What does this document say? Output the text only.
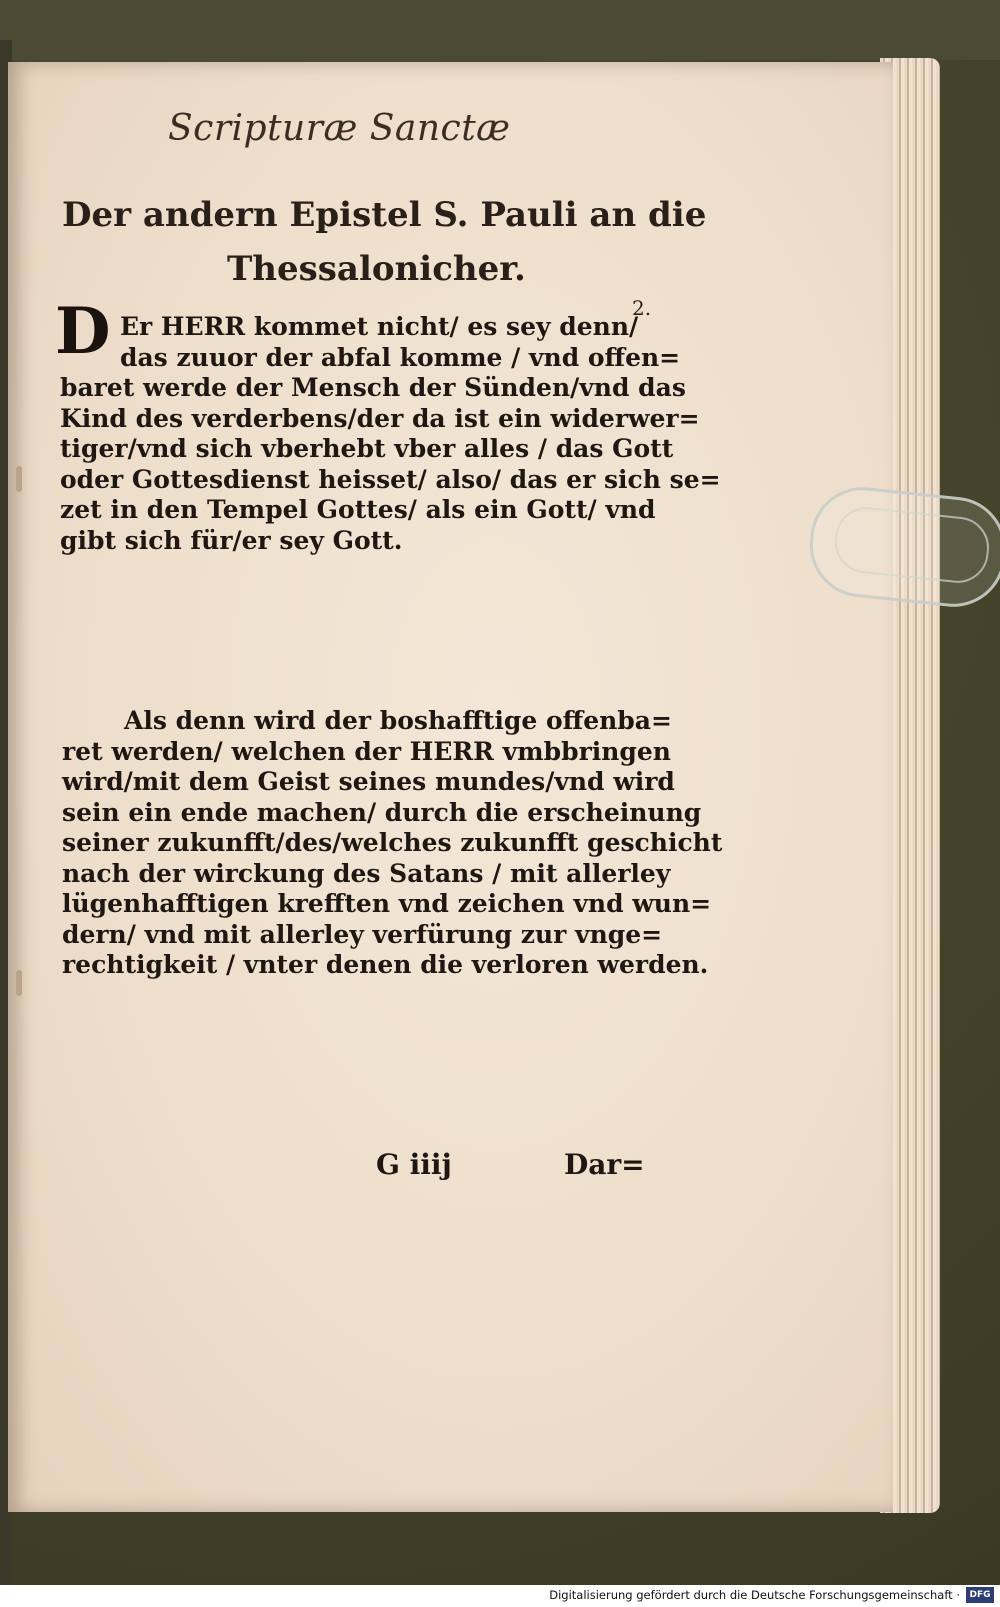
Scripturæ Sanctæ
Der andern Epistel S. Pauli an die
Thessalonicher.
2.
D Er HERR kommet nicht/ es sey denn/
das zuuor der abfal komme / vnd offen=
baret werde der Mensch der Sünden/vnd das
Kind des verderbens/der da ist ein widerwer=
tiger/vnd sich vberhebt vber alles / das Gott
oder Gottesdienst heisset/ also/ das er sich se=
zet in den Tempel Gottes/ als ein Gott/ vnd
gibt sich für/er sey Gott.
Als denn wird der boshafftige offenba=
ret werden/ welchen der HERR vmbbringen
wird/mit dem Geist seines mundes/vnd wird
sein ein ende machen/ durch die erscheinung
seiner zukunfft/des/welches zukunfft geschicht
nach der wirckung des Satans / mit allerley
lügenhafftigen krefften vnd zeichen vnd wun=
dern/ vnd mit allerley verfürung zur vnge=
rechtigkeit / vnter denen die verloren werden.
G iiij	Dar=
Digitalisierung gefördert durch die Deutsche Forschungsgemeinschaft ·	DFG
